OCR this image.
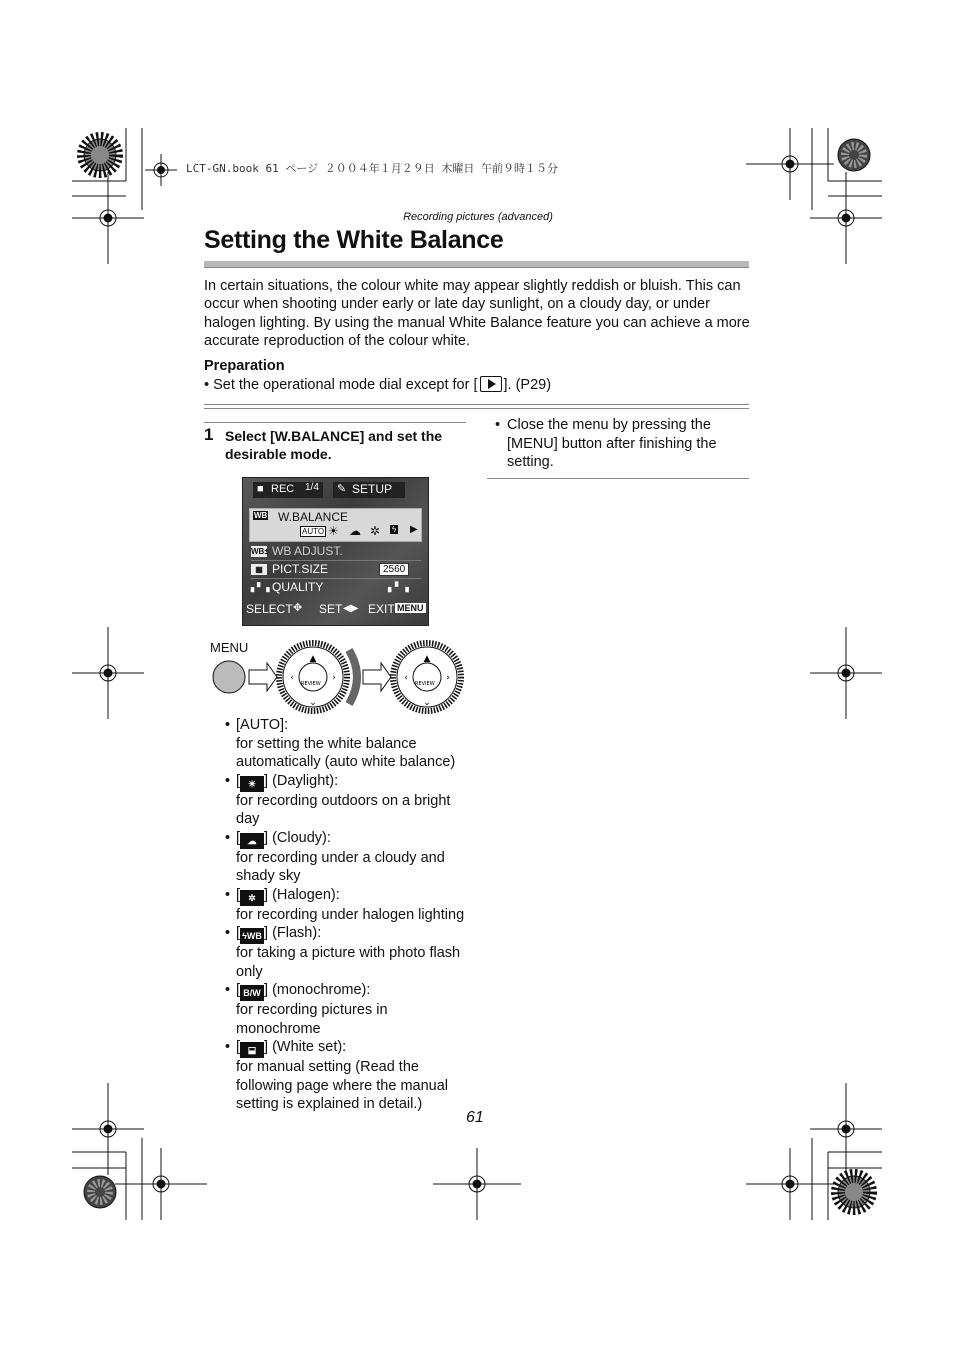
LCT-GN.book 61 ページ ２００４年１月２９日 木曜日 午前９時１５分
Recording pictures (advanced)
Setting the White Balance
In certain situations, the colour white may appear slightly reddish or bluish. This can occur when shooting under early or late day sunlight, on a cloudy day, or under halogen lighting. By using the manual White Balance feature you can achieve a more accurate reproduction of the colour white.
Preparation
• Set the operational mode dial except for [ ]. (P29)
1 Select [W.BALANCE] and set the desirable mode.
• Close the menu by pressing the [MENU] button after finishing the setting.
■ REC 1/4 ✎ SETUP
WB W.BALANCE
AUTO ☀ ☁ ✲ ϟ ▶
WB± WB ADJUST.
▦ PICT.SIZE	2560
▖▘▗ QUALITY	▖▘▗
SELECT ✥ SET ◀▶ EXIT MENU
MENU
▲
‹	›
⌄
REVIEW
▲
‹	›
⌄
REVIEW
• [AUTO]:
for setting the white balance automatically (auto white balance)
• [ ☀ ] (Daylight):
for recording outdoors on a bright day
• [ ☁ ] (Cloudy):
for recording under a cloudy and shady sky
• [ ✲ ] (Halogen):
for recording under halogen lighting
• [ ϟWB ] (Flash):
for taking a picture with photo flash only
• [ B/W ] (monochrome):
for recording pictures in monochrome
• [ ⬓ ] (White set):
for manual setting (Read the following page where the manual setting is explained in detail.)
61
